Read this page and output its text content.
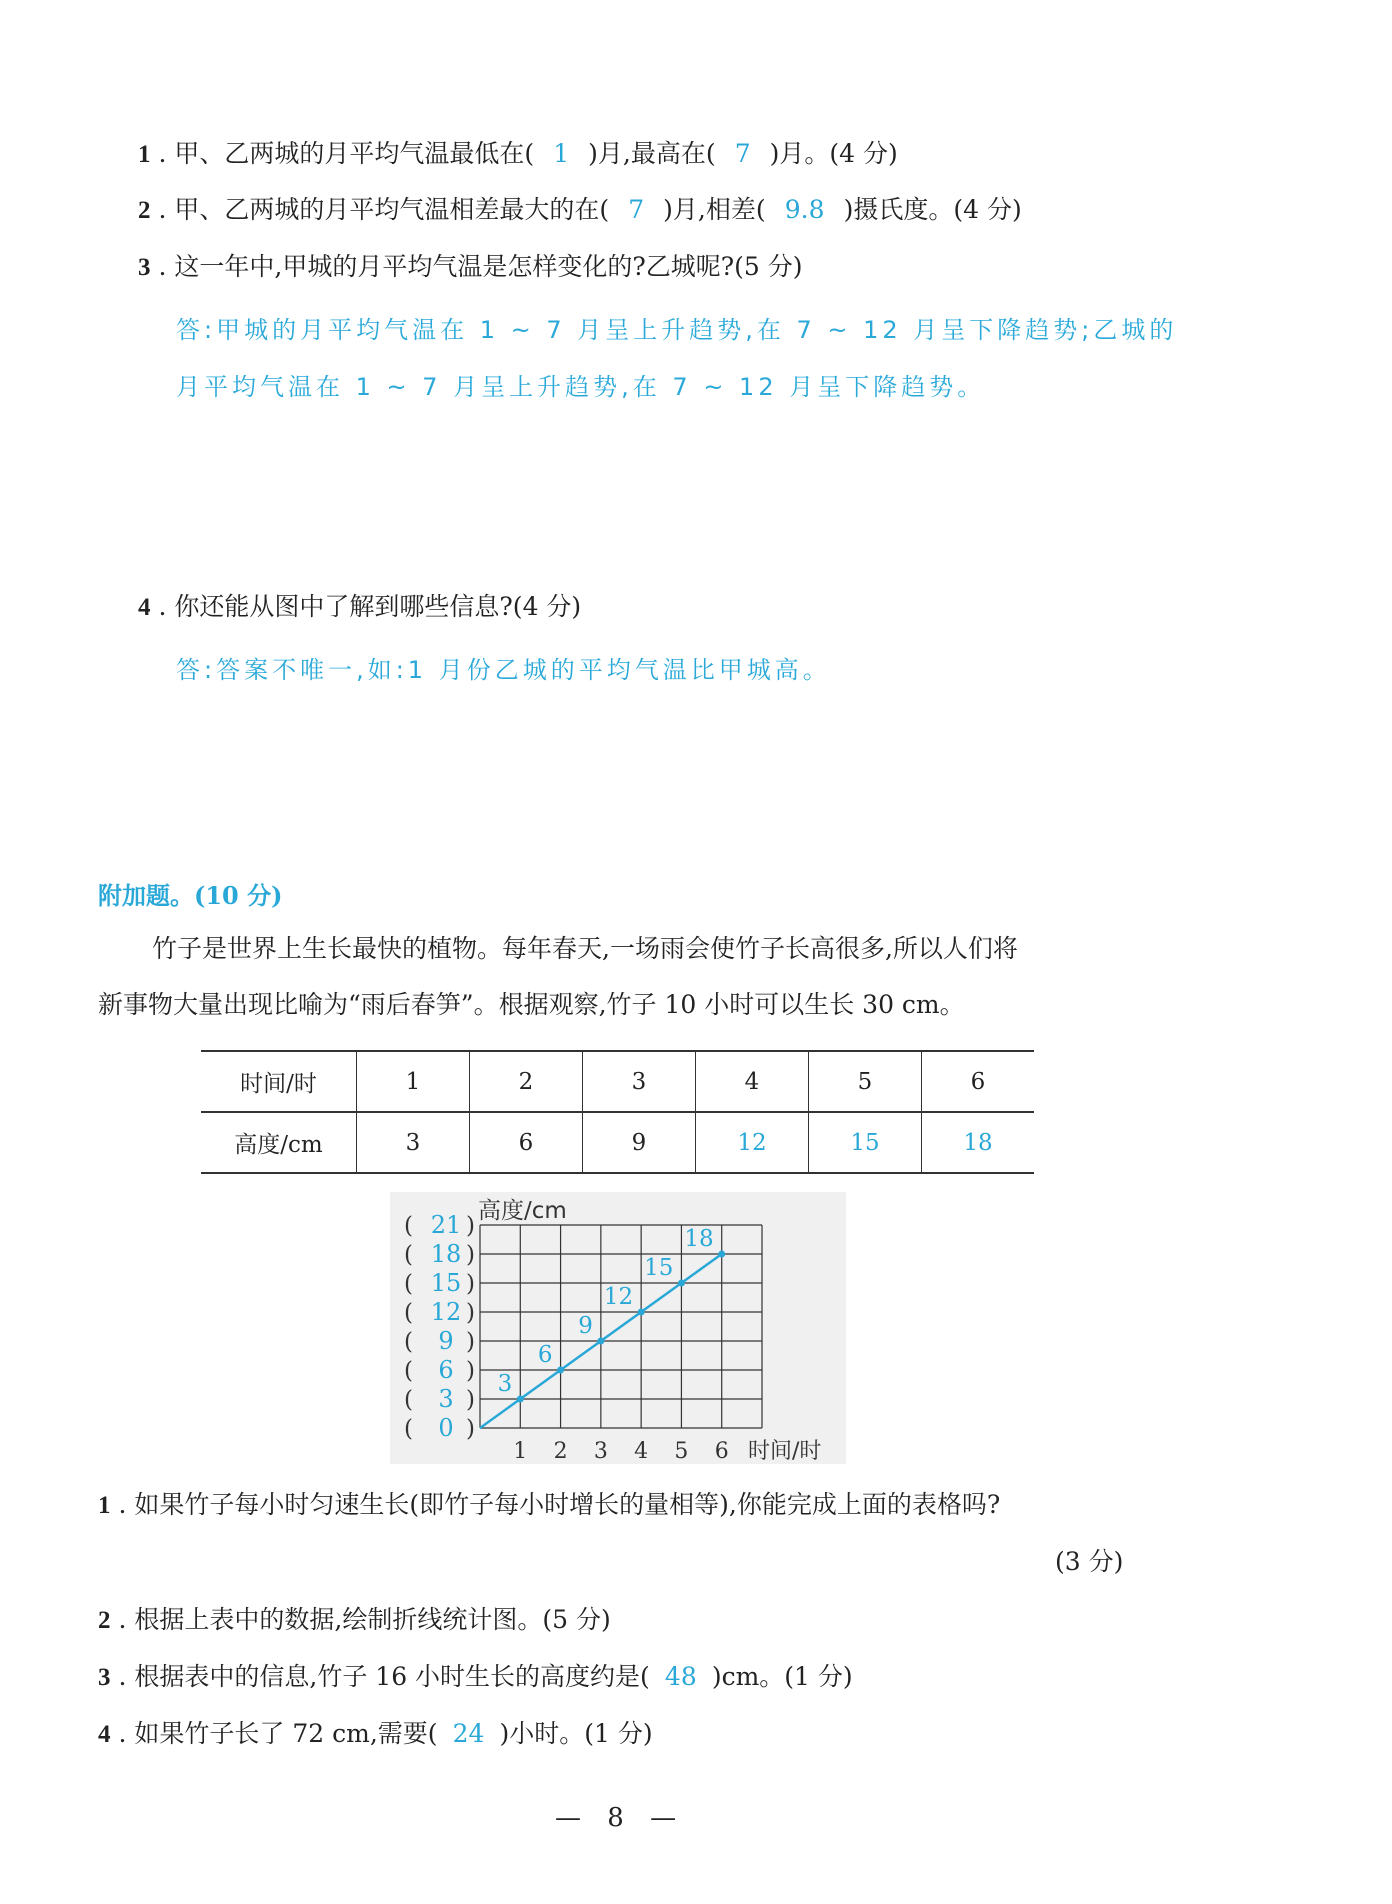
1 . 甲、乙两城的月平均气温最低在( 1 )月,最高在( 7 )月。(4 分)
2 . 甲、乙两城的月平均气温相差最大的在( 7 )月,相差( 9.8 )摄氏度。(4 分)
3 . 这一年中,甲城的月平均气温是怎样变化的?乙城呢?(5 分)
答:甲城的月平均气温在 1 ~ 7 月呈上升趋势,在 7 ~ 12 月呈下降趋势;乙城的
月平均气温在 1 ~ 7 月呈上升趋势,在 7 ~ 12 月呈下降趋势。
4 . 你还能从图中了解到哪些信息?(4 分)
答:答案不唯一,如:1 月份乙城的平均气温比甲城高。
附加题。(10 分)
竹子是世界上生长最快的植物。每年春天,一场雨会使竹子长高很多,所以人们将
新事物大量出现比喻为“雨后春笋”。根据观察,竹子 10 小时可以生长 30 cm。
时间/时	1	2	3	4	5	6
高度/cm	3	6	9	12	15	18
高度/cm
时间/时
( 0 )
( 3 )
( 6 )
( 9 )
( 12 )
( 15 )
( 18 )
( 21 )
1 2 3 4 5 6
3
6
9
12
15
18
1 . 如果竹子每小时匀速生长(即竹子每小时增长的量相等),你能完成上面的表格吗?
(3 分)
2 . 根据上表中的数据,绘制折线统计图。(5 分)
3 . 根据表中的信息,竹子 16 小时生长的高度约是( 48 )cm。(1 分)
4 . 如果竹子长了 72 cm,需要( 24 )小时。(1 分)
— 8 —
